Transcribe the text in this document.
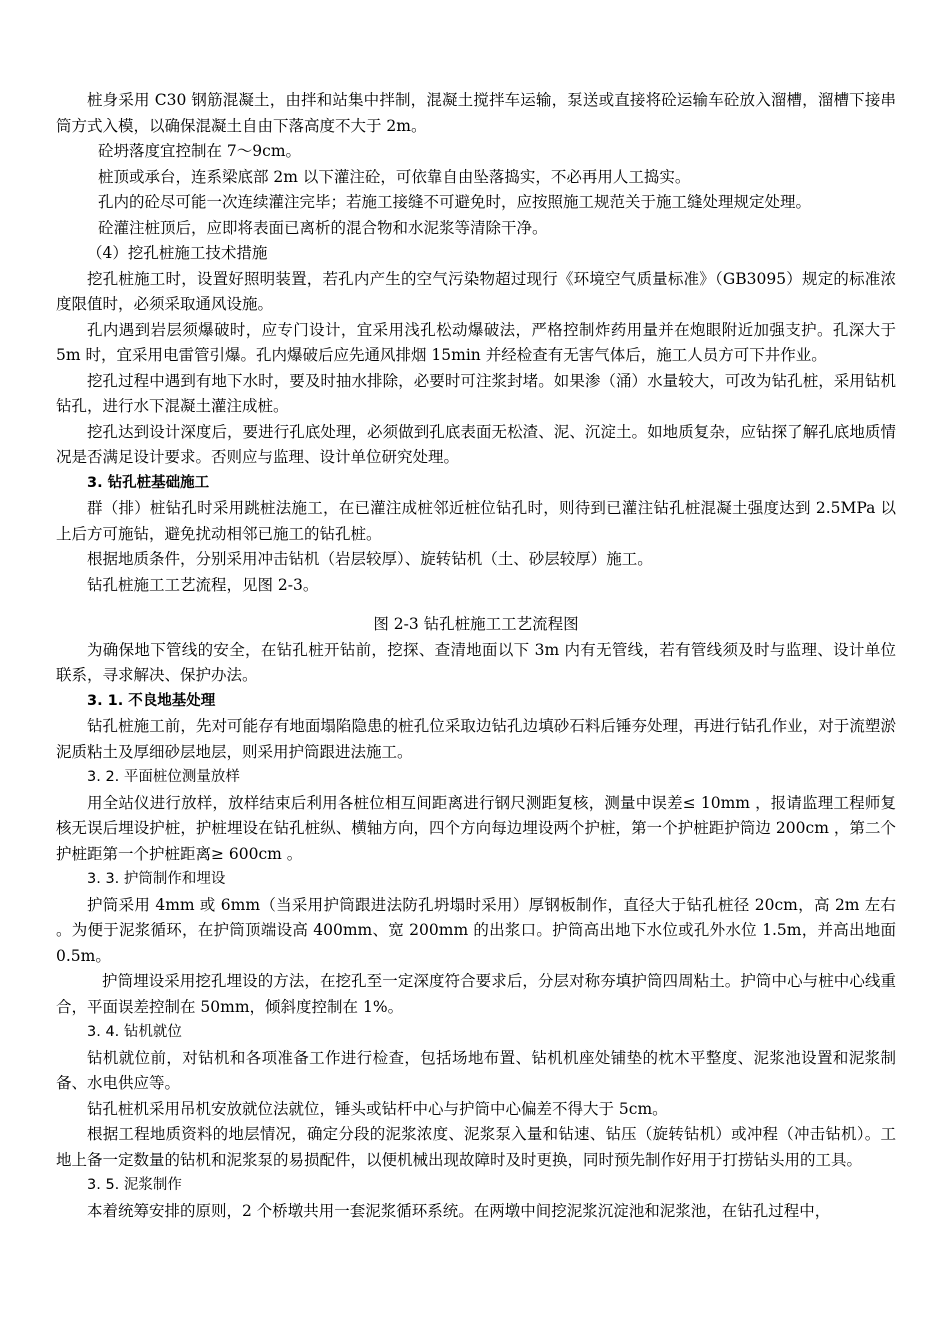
桩身采用 C30 钢筋混凝土，由拌和站集中拌制，混凝土搅拌车运输，泵送或直接将砼运输车砼放入溜槽，溜槽下接串筒方式入模，以确保混凝土自由下落高度不大于 2m。

砼坍落度宜控制在 7～9cm。

桩顶或承台，连系梁底部 2m 以下灌注砼，可依靠自由坠落捣实，不必再用人工捣实。

孔内的砼尽可能一次连续灌注完毕；若施工接缝不可避免时，应按照施工规范关于施工缝处理规定处理。

砼灌注桩顶后，应即将表面已离析的混合物和水泥浆等清除干净。

（4）挖孔桩施工技术措施

挖孔桩施工时，设置好照明装置，若孔内产生的空气污染物超过现行《环境空气质量标准》（GB3095）规定的标准浓度限值时，必须采取通风设施。

孔内遇到岩层须爆破时，应专门设计，宜采用浅孔松动爆破法，严格控制炸药用量并在炮眼附近加强支护。孔深大于 5m 时，宜采用电雷管引爆。孔内爆破后应先通风排烟 15min 并经检查有无害气体后，施工人员方可下井作业。

挖孔过程中遇到有地下水时，要及时抽水排除，必要时可注浆封堵。如果渗（涌）水量较大，可改为钻孔桩，采用钻机钻孔，进行水下混凝土灌注成桩。

挖孔达到设计深度后，要进行孔底处理，必须做到孔底表面无松渣、泥、沉淀土。如地质复杂，应钻探了解孔底地质情况是否满足设计要求。否则应与监理、设计单位研究处理。

3. 钻孔桩基础施工

群（排）桩钻孔时采用跳桩法施工，在已灌注成桩邻近桩位钻孔时，则待到已灌注钻孔桩混凝土强度达到 2.5MPa 以上后方可施钻，避免扰动相邻已施工的钻孔桩。

根据地质条件，分别采用冲击钻机（岩层较厚）、旋转钻机（土、砂层较厚）施工。

钻孔桩施工工艺流程，见图 2-3。

图 2-3 钻孔桩施工工艺流程图

为确保地下管线的安全，在钻孔桩开钻前，挖探、查清地面以下 3m 内有无管线，若有管线须及时与监理、设计单位联系，寻求解决、保护办法。

3. 1. 不良地基处理

钻孔桩施工前，先对可能存有地面塌陷隐患的桩孔位采取边钻孔边填砂石料后锤夯处理，再进行钻孔作业，对于流塑淤泥质粘土及厚细砂层地层，则采用护筒跟进法施工。

3. 2. 平面桩位测量放样

用全站仪进行放样，放样结束后利用各桩位相互间距离进行钢尺测距复核，测量中误差≤ 10mm ，报请监理工程师复核无误后埋设护桩，护桩埋设在钻孔桩纵、横轴方向，四个方向每边埋设两个护桩，第一个护桩距护筒边 200cm ，第二个护桩距第一个护桩距离≥ 600cm 。

3. 3. 护筒制作和埋设

护筒采用 4mm 或 6mm（当采用护筒跟进法防孔坍塌时采用）厚钢板制作，直径大于钻孔桩径 20cm，高 2m 左右 。为便于泥浆循环，在护筒顶端设高 400mm、宽 200mm 的出浆口。护筒高出地下水位或孔外水位 1.5m，并高出地面 0.5m。

护筒埋设采用挖孔埋设的方法，在挖孔至一定深度符合要求后，分层对称夯填护筒四周粘土。护筒中心与桩中心线重合，平面误差控制在 50mm，倾斜度控制在 1%。

3. 4. 钻机就位

钻机就位前，对钻机和各项准备工作进行检查，包括场地布置、钻机机座处铺垫的枕木平整度、泥浆池设置和泥浆制备、水电供应等。

钻孔桩机采用吊机安放就位法就位，锤头或钻杆中心与护筒中心偏差不得大于 5cm。

根据工程地质资料的地层情况，确定分段的泥浆浓度、泥浆泵入量和钻速、钻压（旋转钻机）或冲程（冲击钻机）。工地上备一定数量的钻机和泥浆泵的易损配件，以便机械出现故障时及时更换，同时预先制作好用于打捞钻头用的工具。

3. 5. 泥浆制作

本着统筹安排的原则，2 个桥墩共用一套泥浆循环系统。在两墩中间挖泥浆沉淀池和泥浆池，在钻孔过程中，
